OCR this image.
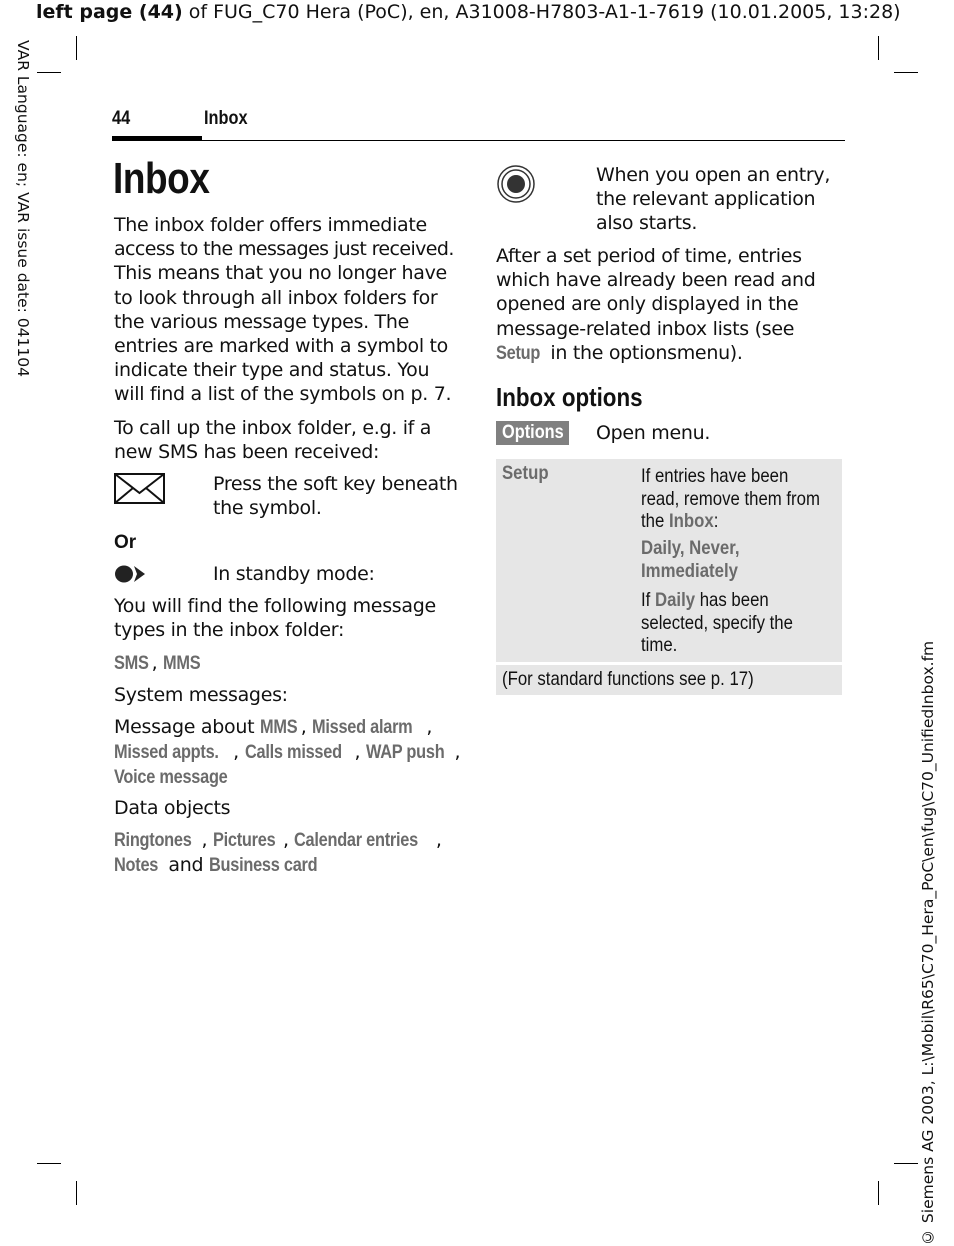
left page (44) of FUG_C70 Hera (PoC), en, A31008-H7803-A1-1-7619 (10.01.2005, 13:28)
VAR Language: en; VAR issue date: 041104
© Siemens AG 2003, L:\Mobil\R65\C70_Hera_PoC\en\fug\C70_UnifiedInbox.fm
44	Inbox
Inbox
The inbox folder offers immediate
access to the messages just received.
This means that you no longer have
to look through all inbox folders for
the various message types. The
entries are marked with a symbol to
indicate their type and status. You
will find a list of the symbols on p. 7.
To call up the inbox folder, e.g. if a
new SMS has been received:
Press the soft key beneath
the symbol.
Or
In standby mode:
You will find the following message
types in the inbox folder:
SMS , MMS
System messages:
Message about MMS , Missed alarm ,
Missed appts. , Calls missed , WAP push ,
Voice message
Data objects
Ringtones , Pictures , Calendar entries ,
Notes and Business card
When you open an entry,
the relevant application
also starts.
After a set period of time, entries
which have already been read and
opened are only displayed in the
message-related inbox lists (see
Setup in the optionsmenu).
Inbox options
Options Open menu.
Setup	If entries have been
read, remove them from
the Inbox:
Daily, Never,
Immediately
If Daily has been
selected, specify the
time.
(For standard functions see p. 17)
